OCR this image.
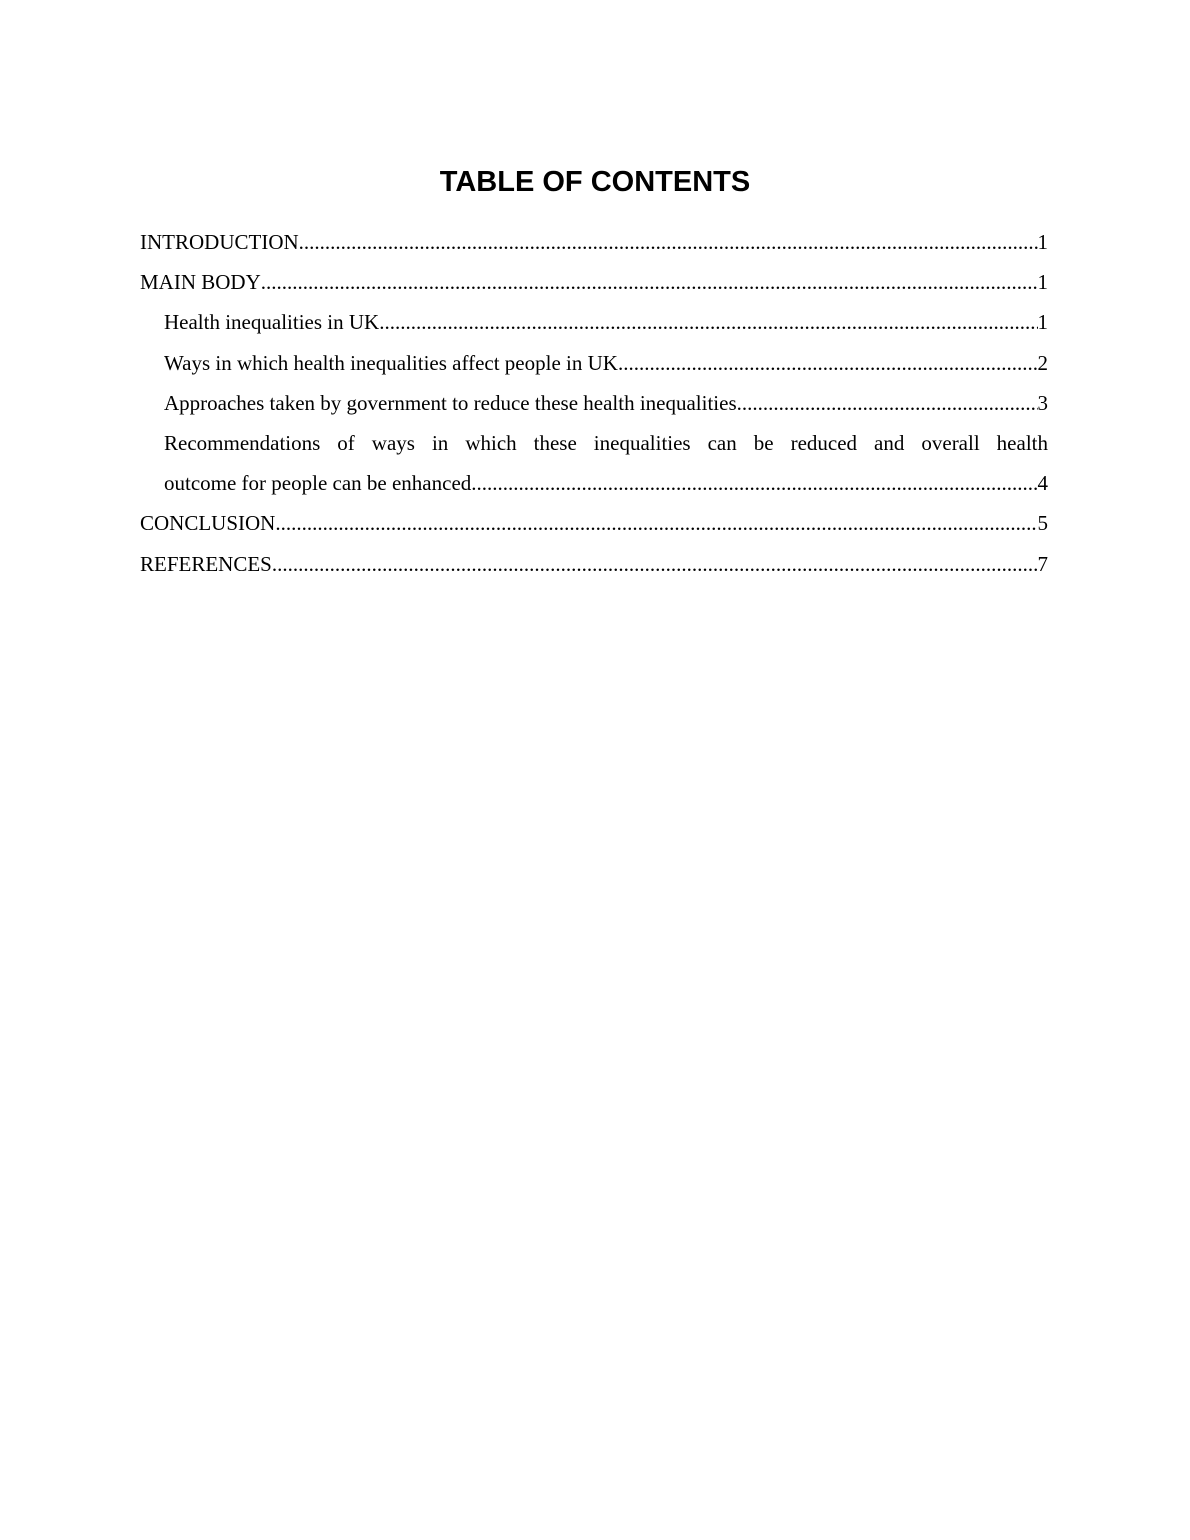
TABLE OF CONTENTS
INTRODUCTION .....	1
MAIN BODY .....	1
Health inequalities in UK .....	1
Ways in which health inequalities affect people in UK .....	2
Approaches taken by government to reduce these health inequalities .....	3
Recommendations of ways in which these inequalities can be reduced and overall health
outcome for people can be enhanced .....	4
CONCLUSION .....	5
REFERENCES .....	7
